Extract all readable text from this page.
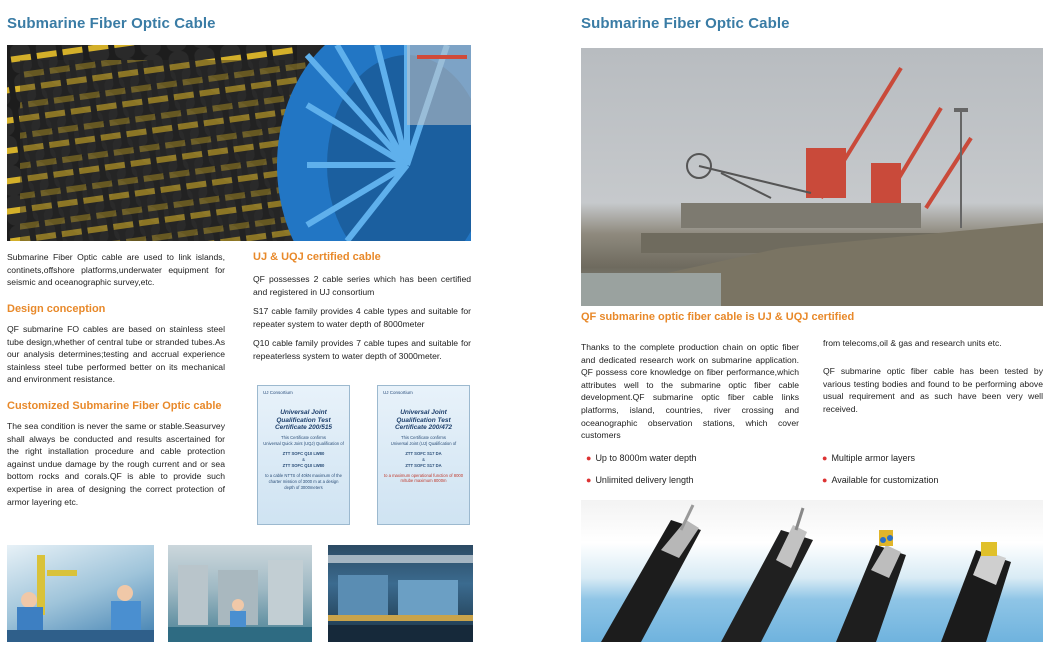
Submarine Fiber Optic Cable
Submarine Fiber Optic cable are used to link islands, continets,offshore platforms,underwater equipment for seismic and oceanographic survey,etc.
Design conception
QF submarine FO cables are based on stainless steel tube design,whether of central tube or stranded tubes.As our analysis determines;testing and accrual experience stainless steel tube performed better on its mechanical and environment resistance.
Customized Submarine Fiber Optic cable
The sea condition is never the same or stable.Seasurvey shall always be conducted and results ascertained for the right installation procedure and cable protection against undue damage by the rough current and or sea bottom rocks and corals.QF is able to provide such expertise in area of designing the correct protection of armor layering etc.
UJ & UQJ certified cable
QF possesses 2 cable series which has been certified and registered in UJ consortium
S17 cable family provides 4 cable types and suitable for repeater system to water depth of 8000meter
Q10 cable family provides 7 cable tupes and suitable for repeaterless system to water depth of 3000meter.
UJ Consortium
Universal Joint Qualification Test Certificate 200/515
This Certificate confirms
Universal Quick Joint (UQJ) Qualification of
ZTT SOFC Q10 LW80
&
ZTT SOFC Q10 LW80
to a cable NTTS of 40kN maximum of the charter mission of 3000 m at a design depth of 3000meters
UJ Consortium
Universal Joint Qualification Test Certificate 200/472
This Certificate confirms
Universal Joint (UJ) Qualification of
ZTT SOFC S17 DA
&
ZTT SOFC S17 DA
to a maximum operational function of 8000 m/tube maximum 8000m
Submarine Fiber Optic Cable
QF submarine optic fiber cable is UJ & UQJ certified
Thanks to the complete production chain on optic fiber and dedicated research work on submarine application. QF possess core knowledge on fiber performance,which attributes well to the submarine optic fiber cable development.QF submarine optic fiber cable links platforms, island, countries, river crossing and oceanographic observation stations, which cover customers
from telecoms,oil & gas and research units etc.
QF submarine optic fiber cable has been tested by various testing bodies and found to be performing above usual requirement and as such have been very well received.
● Up to 8000m water depth	● Multiple armor layers
● Unlimited delivery length	● Available for customization
